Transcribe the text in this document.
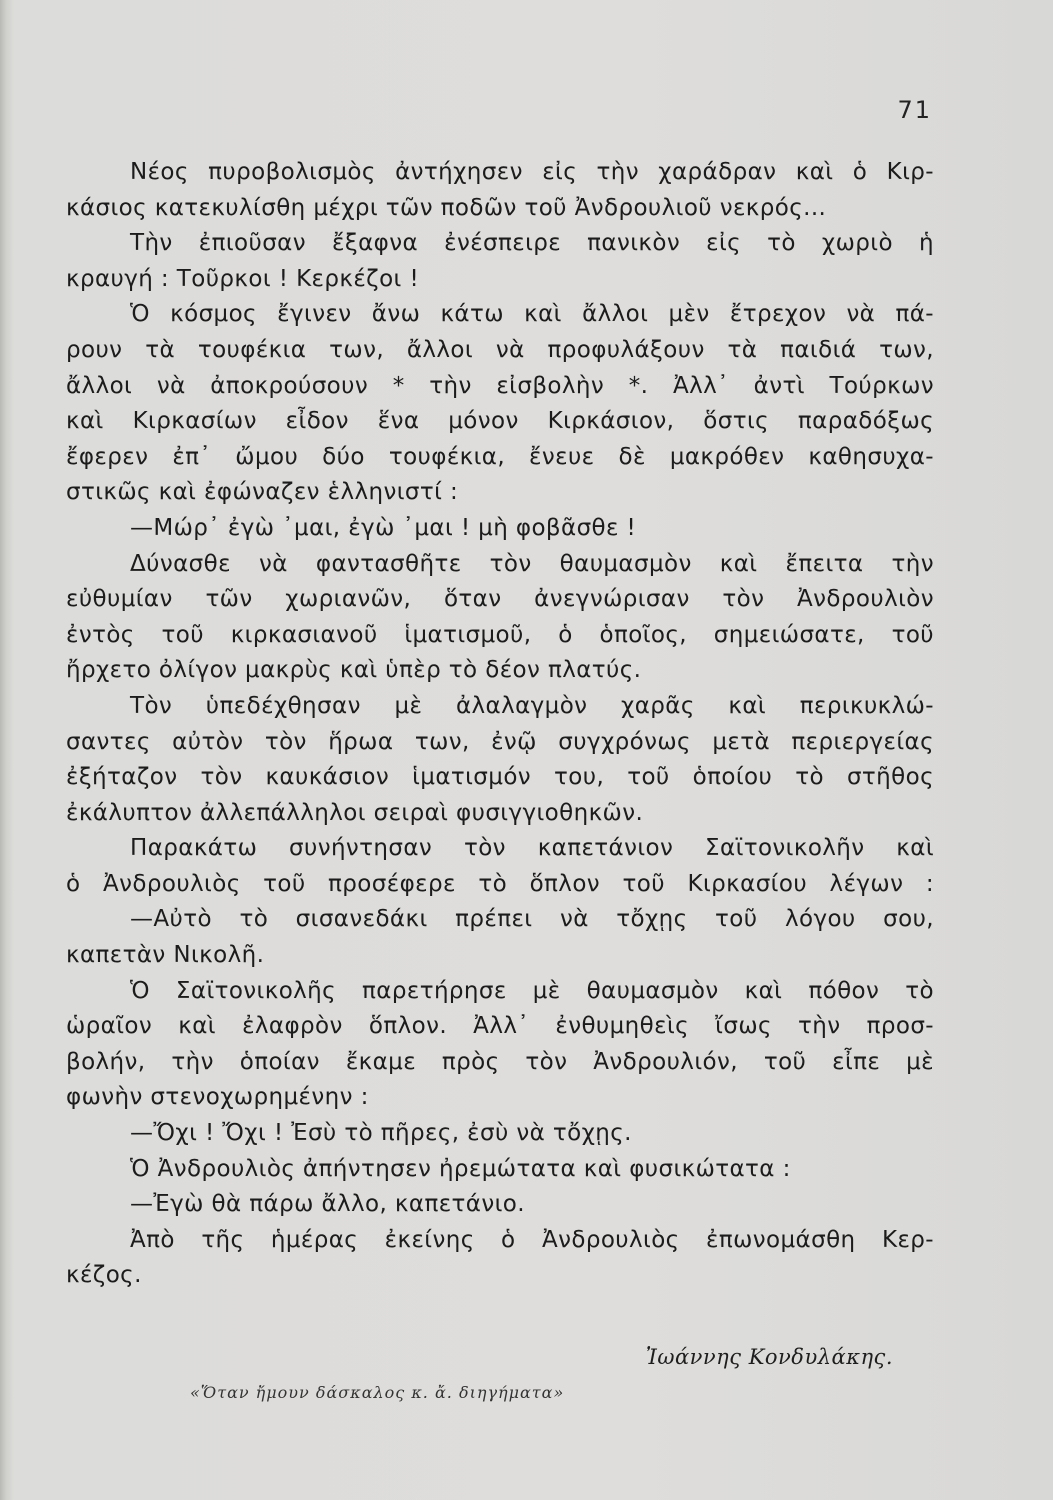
71
Νέος πυροβολισμὸς ἀντήχησεν εἰς τὴν χαράδραν καὶ ὁ Κιρ-
κάσιος κατεκυλίσθη μέχρι τῶν ποδῶν τοῦ Ἀνδρουλιοῦ νεκρός...
Τὴν ἐπιοῦσαν ἔξαφνα ἐνέσπειρε πανικὸν εἰς τὸ χωριὸ ἡ
κραυγή : Τοῦρκοι ! Κερκέζοι !
Ὁ κόσμος ἔγινεν ἄνω κάτω καὶ ἄλλοι μὲν ἔτρεχον νὰ πά-
ρουν τὰ τουφέκια των, ἄλλοι νὰ προφυλάξουν τὰ παιδιά των,
ἄλλοι νὰ ἀποκρούσουν * τὴν εἰσβολὴν *. Ἀλλ᾿ ἀντὶ Τούρκων
καὶ Κιρκασίων εἶδον ἕνα μόνον Κιρκάσιον, ὅστις παραδόξως
ἔφερεν ἐπ᾿ ὤμου δύο τουφέκια, ἔνευε δὲ μακρόθεν καθησυχα-
στικῶς καὶ ἐφώναζεν ἑλληνιστί :
—Μώρ᾿ ἐγὼ ᾿μαι, ἐγὼ ᾿μαι ! μὴ φοβᾶσθε !
Δύνασθε νὰ φαντασθῆτε τὸν θαυμασμὸν καὶ ἔπειτα τὴν
εὐθυμίαν τῶν χωριανῶν, ὅταν ἀνεγνώρισαν τὸν Ἀνδρουλιὸν
ἐντὸς τοῦ κιρκασιανοῦ ἱματισμοῦ, ὁ ὁποῖος, σημειώσατε, τοῦ
ἤρχετο ὀλίγον μακρὺς καὶ ὑπὲρ τὸ δέον πλατύς.
Τὸν ὑπεδέχθησαν μὲ ἀλαλαγμὸν χαρᾶς καὶ περικυκλώ-
σαντες αὐτὸν τὸν ἥρωα των, ἐνῷ συγχρόνως μετὰ περιεργείας
ἐξήταζον τὸν καυκάσιον ἱματισμόν του, τοῦ ὁποίου τὸ στῆθος
ἐκάλυπτον ἀλλεπάλληλοι σειραὶ φυσιγγιοθηκῶν.
Παρακάτω συνήντησαν τὸν καπετάνιον Σαϊτονικολῆν καὶ
ὁ Ἀνδρουλιὸς τοῦ προσέφερε τὸ ὅπλον τοῦ Κιρκασίου λέγων :
—Αὐτὸ τὸ σισανεδάκι πρέπει νὰ τὄχῃς τοῦ λόγου σου,
καπετὰν Νικολῆ.
Ὁ Σαϊτονικολῆς παρετήρησε μὲ θαυμασμὸν καὶ πόθον τὸ
ὡραῖον καὶ ἐλαφρὸν ὅπλον. Ἀλλ᾿ ἐνθυμηθεὶς ἴσως τὴν προσ-
βολήν, τὴν ὁποίαν ἔκαμε πρὸς τὸν Ἀνδρουλιόν, τοῦ εἶπε μὲ
φωνὴν στενοχωρημένην :
—Ὄχι ! Ὄχι ! Ἐσὺ τὸ πῆρες, ἐσὺ νὰ τὄχῃς.
Ὁ Ἀνδρουλιὸς ἀπήντησεν ἠρεμώτατα καὶ φυσικώτατα :
—Ἐγὼ θὰ πάρω ἄλλο, καπετάνιο.
Ἀπὸ τῆς ἡμέρας ἐκείνης ὁ Ἀνδρουλιὸς ἐπωνομάσθη Κερ-
κέζος.
Ἰωάννης Κονδυλάκης.
«Ὅταν ἤμουν δάσκαλος κ. ἄ. διηγήματα»
